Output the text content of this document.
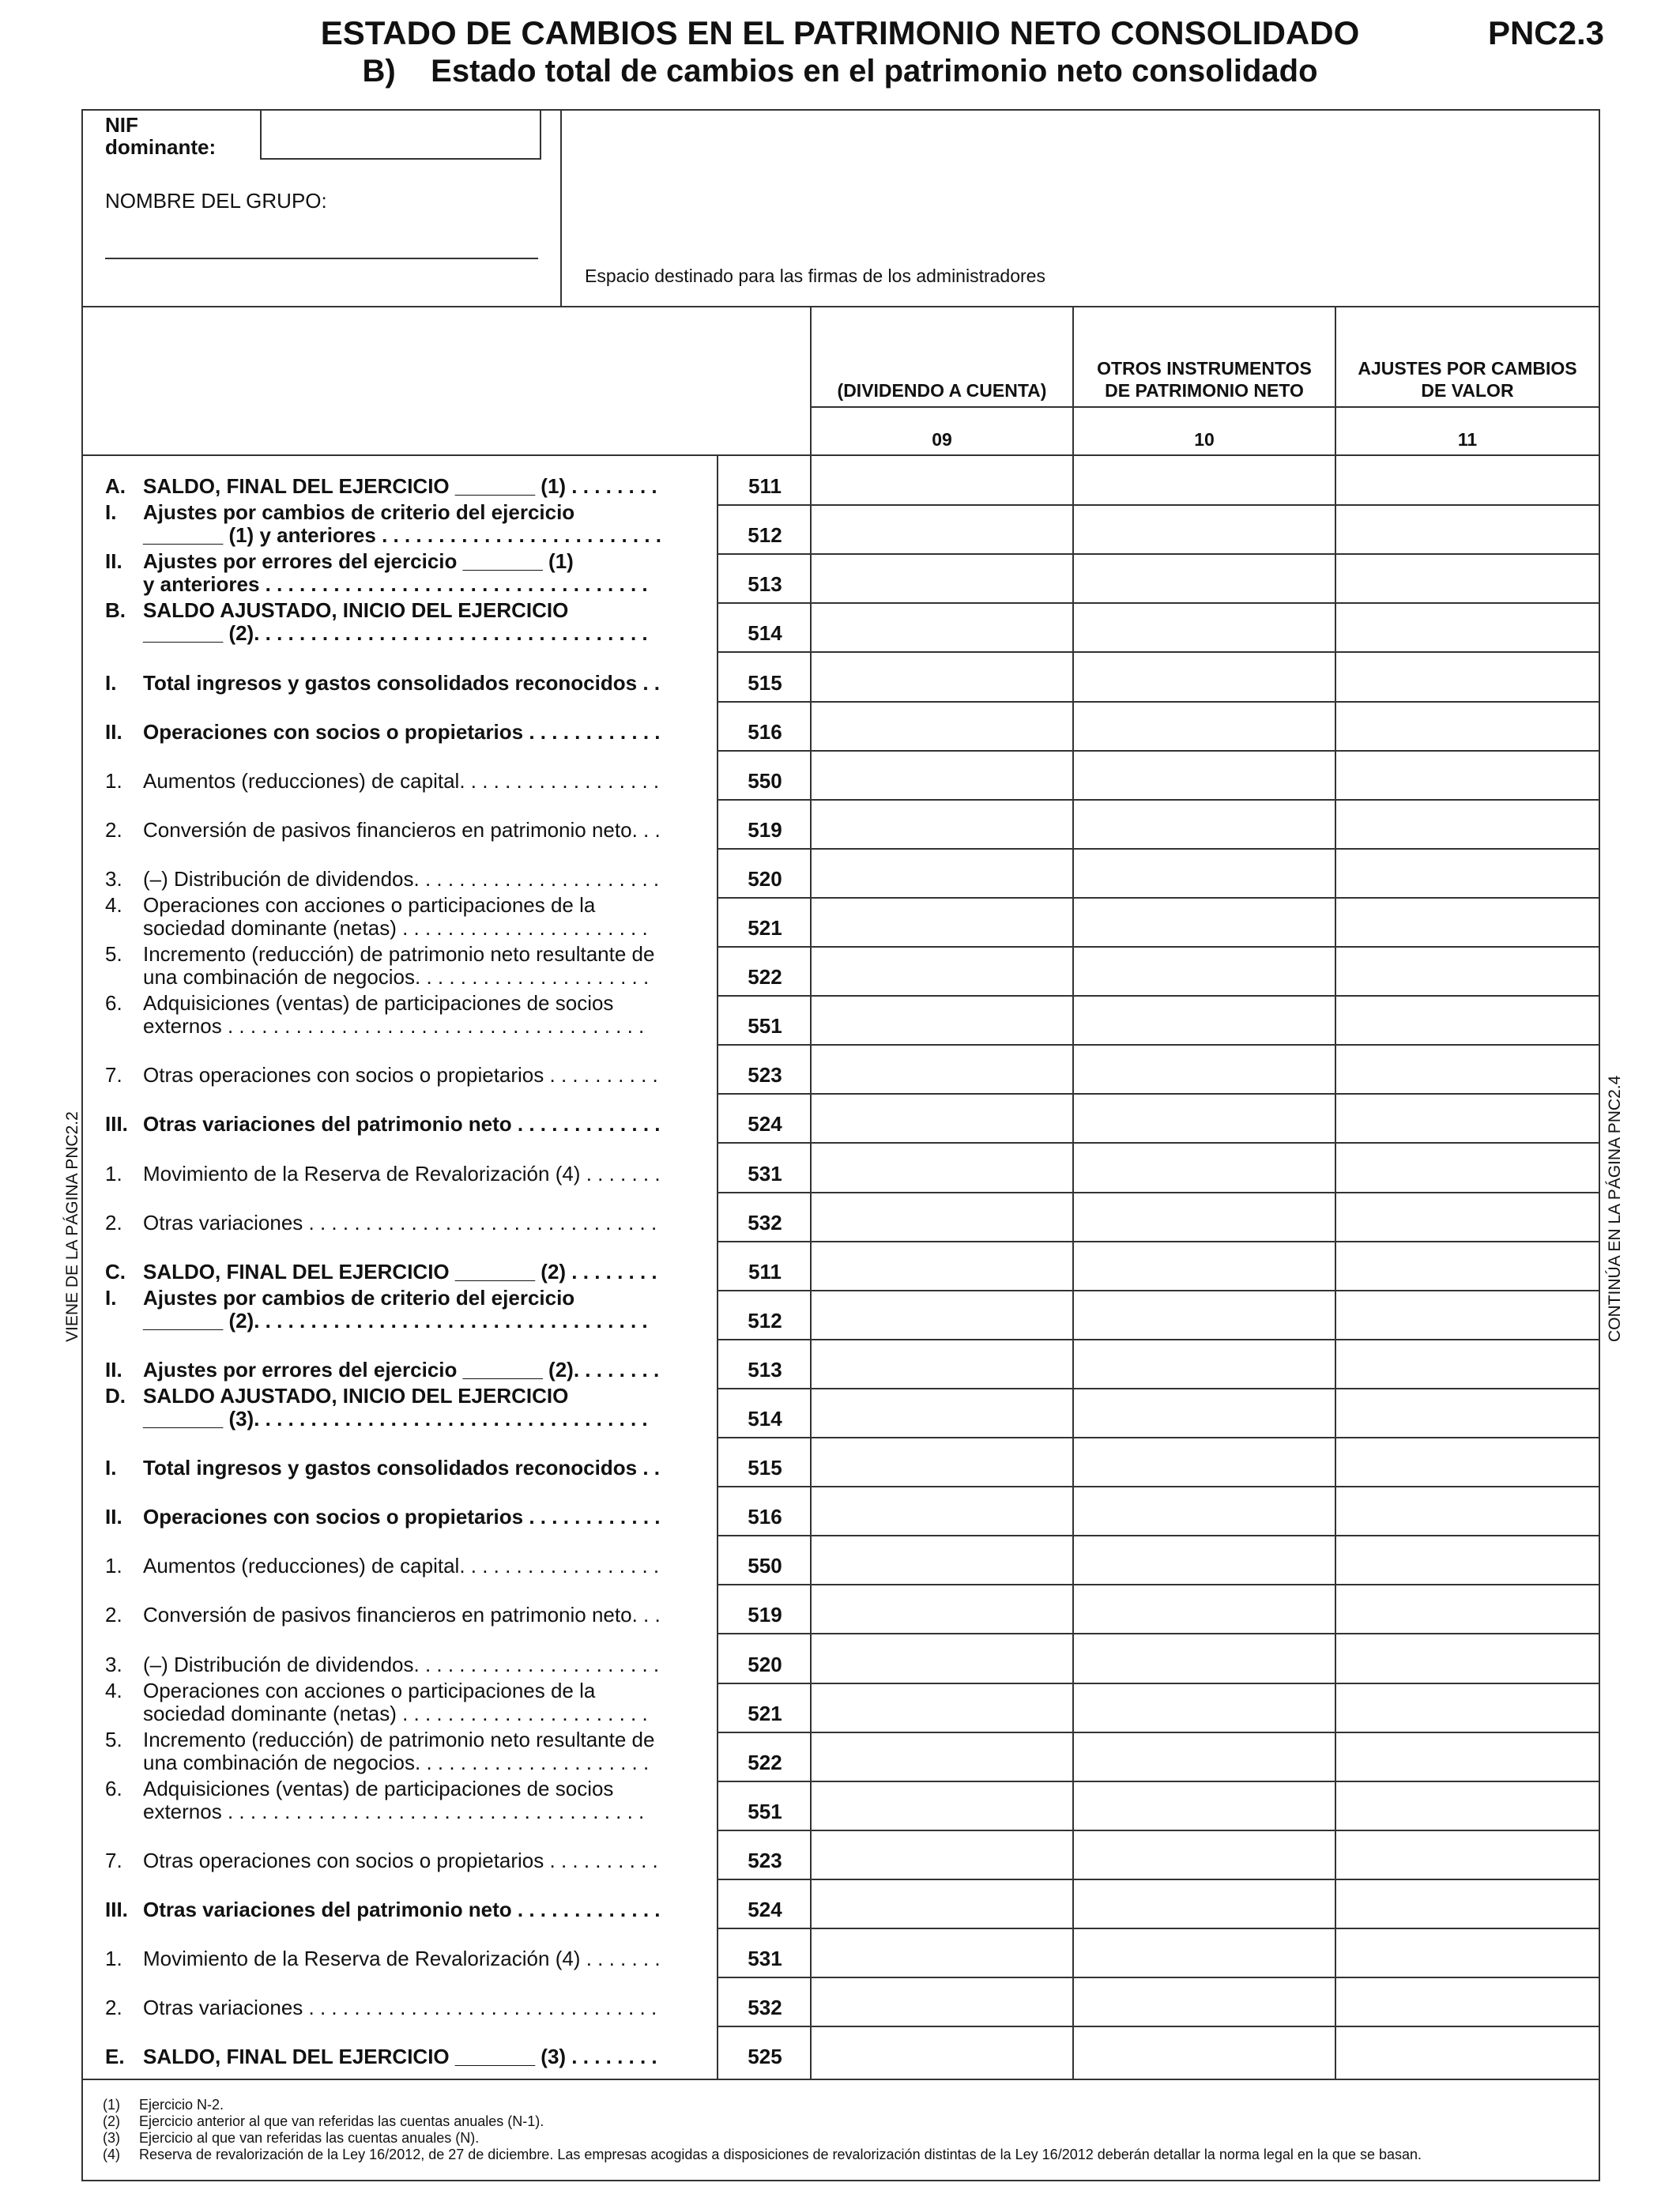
ESTADO DE CAMBIOS EN EL PATRIMONIO NETO CONSOLIDADO
B)    Estado total de cambios en el patrimonio neto consolidado
PNC2.3
VIENE DE LA PÁGINA PNC2.2	CONTINÚA EN LA PÁGINA PNC2.4
NIF
dominante:
NOMBRE DEL GRUPO:
Espacio destinado para las firmas de los administradores
(DIVIDENDO A CUENTA)
OTROS INSTRUMENTOS
DE PATRIMONIO NETO
AJUSTES POR CAMBIOS
DE VALOR
09	10	11
A. SALDO, FINAL DEL EJERCICIO _______ (1) . . . . . . . .	511
I.	Ajustes por cambios de criterio del ejercicio
_______ (1) y anteriores . . . . . . . . . . . . . . . . . . . . . . . . .	512
II.	Ajustes por errores del ejercicio _______ (1)
y anteriores . . . . . . . . . . . . . . . . . . . . . . . . . . . . . . . . . .	513
B. SALDO AJUSTADO, INICIO DEL EJERCICIO
_______ (2). . . . . . . . . . . . . . . . . . . . . . . . . . . . . . . . . . .	514
I.	Total ingresos y gastos consolidados reconocidos . .	515
II.	Operaciones con socios o propietarios . . . . . . . . . . . .	516
1.	Aumentos (reducciones) de capital. . . . . . . . . . . . . . . . . .	550
2.	Conversión de pasivos financieros en patrimonio neto. . .	519
3.	(–) Distribución de dividendos. . . . . . . . . . . . . . . . . . . . . .	520
4.	Operaciones con acciones o participaciones de la
sociedad dominante (netas) . . . . . . . . . . . . . . . . . . . . . .	521
5.	Incremento (reducción) de patrimonio neto resultante de
una combinación de negocios. . . . . . . . . . . . . . . . . . . . .	522
6.	Adquisiciones (ventas) de participaciones de socios
externos . . . . . . . . . . . . . . . . . . . . . . . . . . . . . . . . . . . . .	551
7.	Otras operaciones con socios o propietarios . . . . . . . . . .	523
III. Otras variaciones del patrimonio neto . . . . . . . . . . . . .	524
1.	Movimiento de la Reserva de Revalorización (4) . . . . . . .	531
2.	Otras variaciones . . . . . . . . . . . . . . . . . . . . . . . . . . . . . . .	532
C. SALDO, FINAL DEL EJERCICIO _______ (2) . . . . . . . .	511
I.	Ajustes por cambios de criterio del ejercicio
_______ (2). . . . . . . . . . . . . . . . . . . . . . . . . . . . . . . . . . .	512
II.	Ajustes por errores del ejercicio _______ (2). . . . . . . .	513
D. SALDO AJUSTADO, INICIO DEL EJERCICIO
_______ (3). . . . . . . . . . . . . . . . . . . . . . . . . . . . . . . . . . .	514
I.	Total ingresos y gastos consolidados reconocidos . .	515
II.	Operaciones con socios o propietarios . . . . . . . . . . . .	516
1.	Aumentos (reducciones) de capital. . . . . . . . . . . . . . . . . .	550
2.	Conversión de pasivos financieros en patrimonio neto. . .	519
3.	(–) Distribución de dividendos. . . . . . . . . . . . . . . . . . . . . .	520
4.	Operaciones con acciones o participaciones de la
sociedad dominante (netas) . . . . . . . . . . . . . . . . . . . . . .	521
5.	Incremento (reducción) de patrimonio neto resultante de
una combinación de negocios. . . . . . . . . . . . . . . . . . . . .	522
6.	Adquisiciones (ventas) de participaciones de socios
externos . . . . . . . . . . . . . . . . . . . . . . . . . . . . . . . . . . . . .	551
7.	Otras operaciones con socios o propietarios . . . . . . . . . .	523
III. Otras variaciones del patrimonio neto . . . . . . . . . . . . .	524
1.	Movimiento de la Reserva de Revalorización (4) . . . . . . .	531
2.	Otras variaciones . . . . . . . . . . . . . . . . . . . . . . . . . . . . . . .	532
E. SALDO, FINAL DEL EJERCICIO _______ (3) . . . . . . . .	525
(1) Ejercicio N-2.
(2) Ejercicio anterior al que van referidas las cuentas anuales (N-1).
(3) Ejercicio al que van referidas las cuentas anuales (N).
(4) Reserva de revalorización de la Ley 16/2012, de 27 de diciembre. Las empresas acogidas a disposiciones de revalorización distintas de la Ley 16/2012 deberán detallar la norma legal en la que se basan.
